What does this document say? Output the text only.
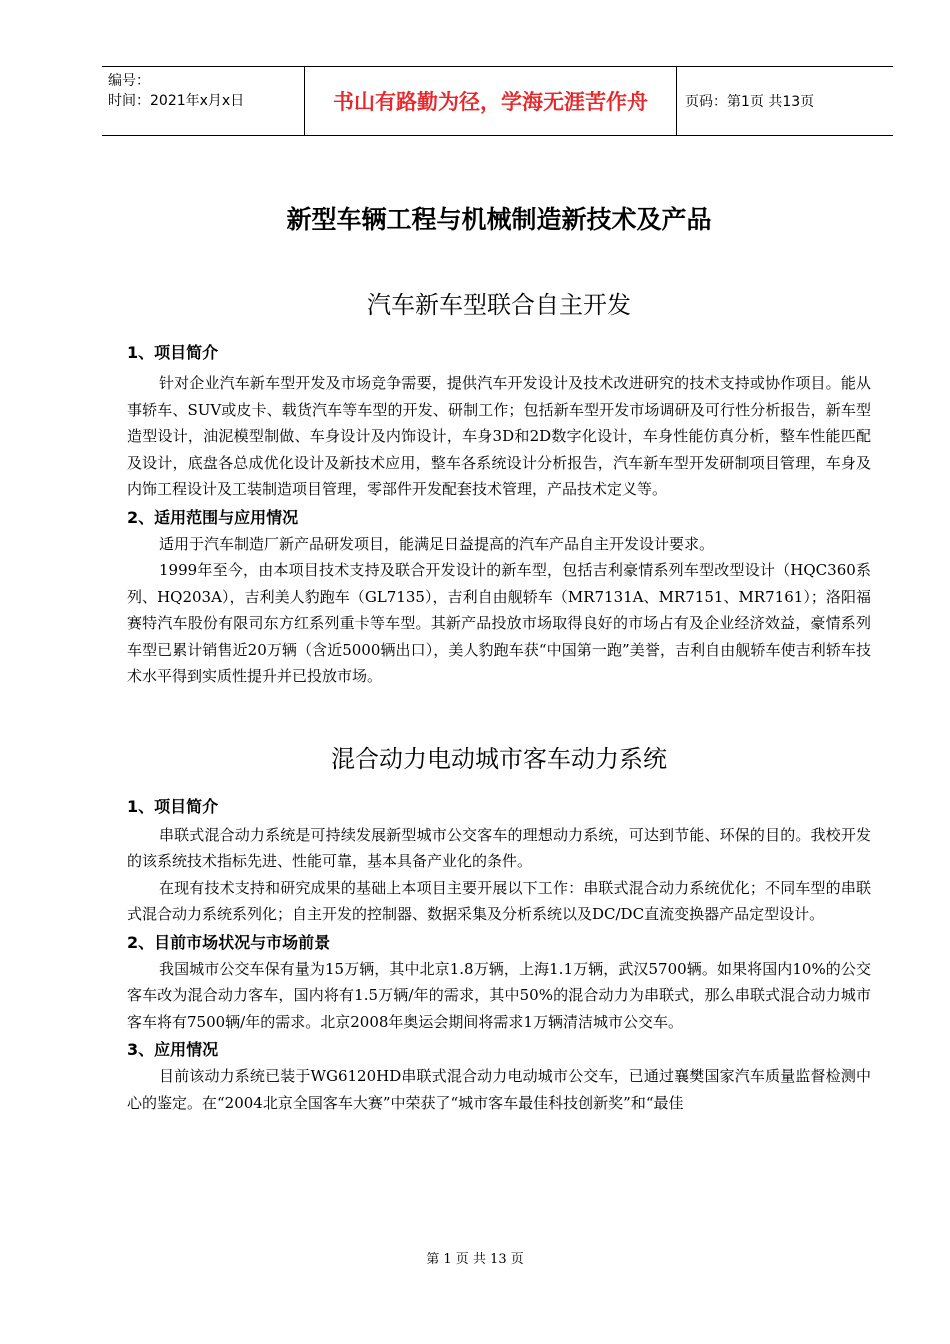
编号：
时间：2021年x月x日	书山有路勤为径，学海无涯苦作舟	页码：第1页 共13页
新型车辆工程与机械制造新技术及产品
汽车新车型联合自主开发
1、项目简介

针对企业汽车新车型开发及市场竞争需要，提供汽车开发设计及技术改进研究的技术支持或协作项目。能从事轿车、SUV或皮卡、载货汽车等车型的开发、研制工作；包括新车型开发市场调研及可行性分析报告，新车型造型设计，油泥模型制做、车身设计及内饰设计，车身3D和2D数字化设计，车身性能仿真分析，整车性能匹配及设计，底盘各总成优化设计及新技术应用，整车各系统设计分析报告，汽车新车型开发研制项目管理，车身及内饰工程设计及工装制造项目管理，零部件开发配套技术管理，产品技术定义等。

2、适用范围与应用情况

适用于汽车制造厂新产品研发项目，能满足日益提高的汽车产品自主开发设计要求。

1999年至今，由本项目技术支持及联合开发设计的新车型，包括吉利豪情系列车型改型设计（HQC360系列、HQ203A），吉利美人豹跑车（GL7135），吉利自由舰轿车（MR7131A、MR7151、MR7161）；洛阳福赛特汽车股份有限司东方红系列重卡等车型。其新产品投放市场取得良好的市场占有及企业经济效益，豪情系列车型已累计销售近20万辆（含近5000辆出口），美人豹跑车获“中国第一跑”美誉，吉利自由舰轿车使吉利轿车技术水平得到实质性提升并已投放市场。

混合动力电动城市客车动力系统
1、项目简介

串联式混合动力系统是可持续发展新型城市公交客车的理想动力系统，可达到节能、环保的目的。我校开发的该系统技术指标先进、性能可靠，基本具备产业化的条件。

在现有技术支持和研究成果的基础上本项目主要开展以下工作：串联式混合动力系统优化；不同车型的串联式混合动力系统系列化；自主开发的控制器、数据采集及分析系统以及DC/DC直流变换器产品定型设计。

2、目前市场状况与市场前景

我国城市公交车保有量为15万辆，其中北京1.8万辆，上海1.1万辆，武汉5700辆。如果将国内10%的公交客车改为混合动力客车，国内将有1.5万辆/年的需求，其中50%的混合动力为串联式，那么串联式混合动力城市客车将有7500辆/年的需求。北京2008年奥运会期间将需求1万辆清洁城市公交车。

3、应用情况

目前该动力系统已装于WG6120HD串联式混合动力电动城市公交车，已通过襄樊国家汽车质量监督检测中心的鉴定。在“2004北京全国客车大赛”中荣获了“城市客车最佳科技创新奖”和“最佳

第 1 页 共 13 页
